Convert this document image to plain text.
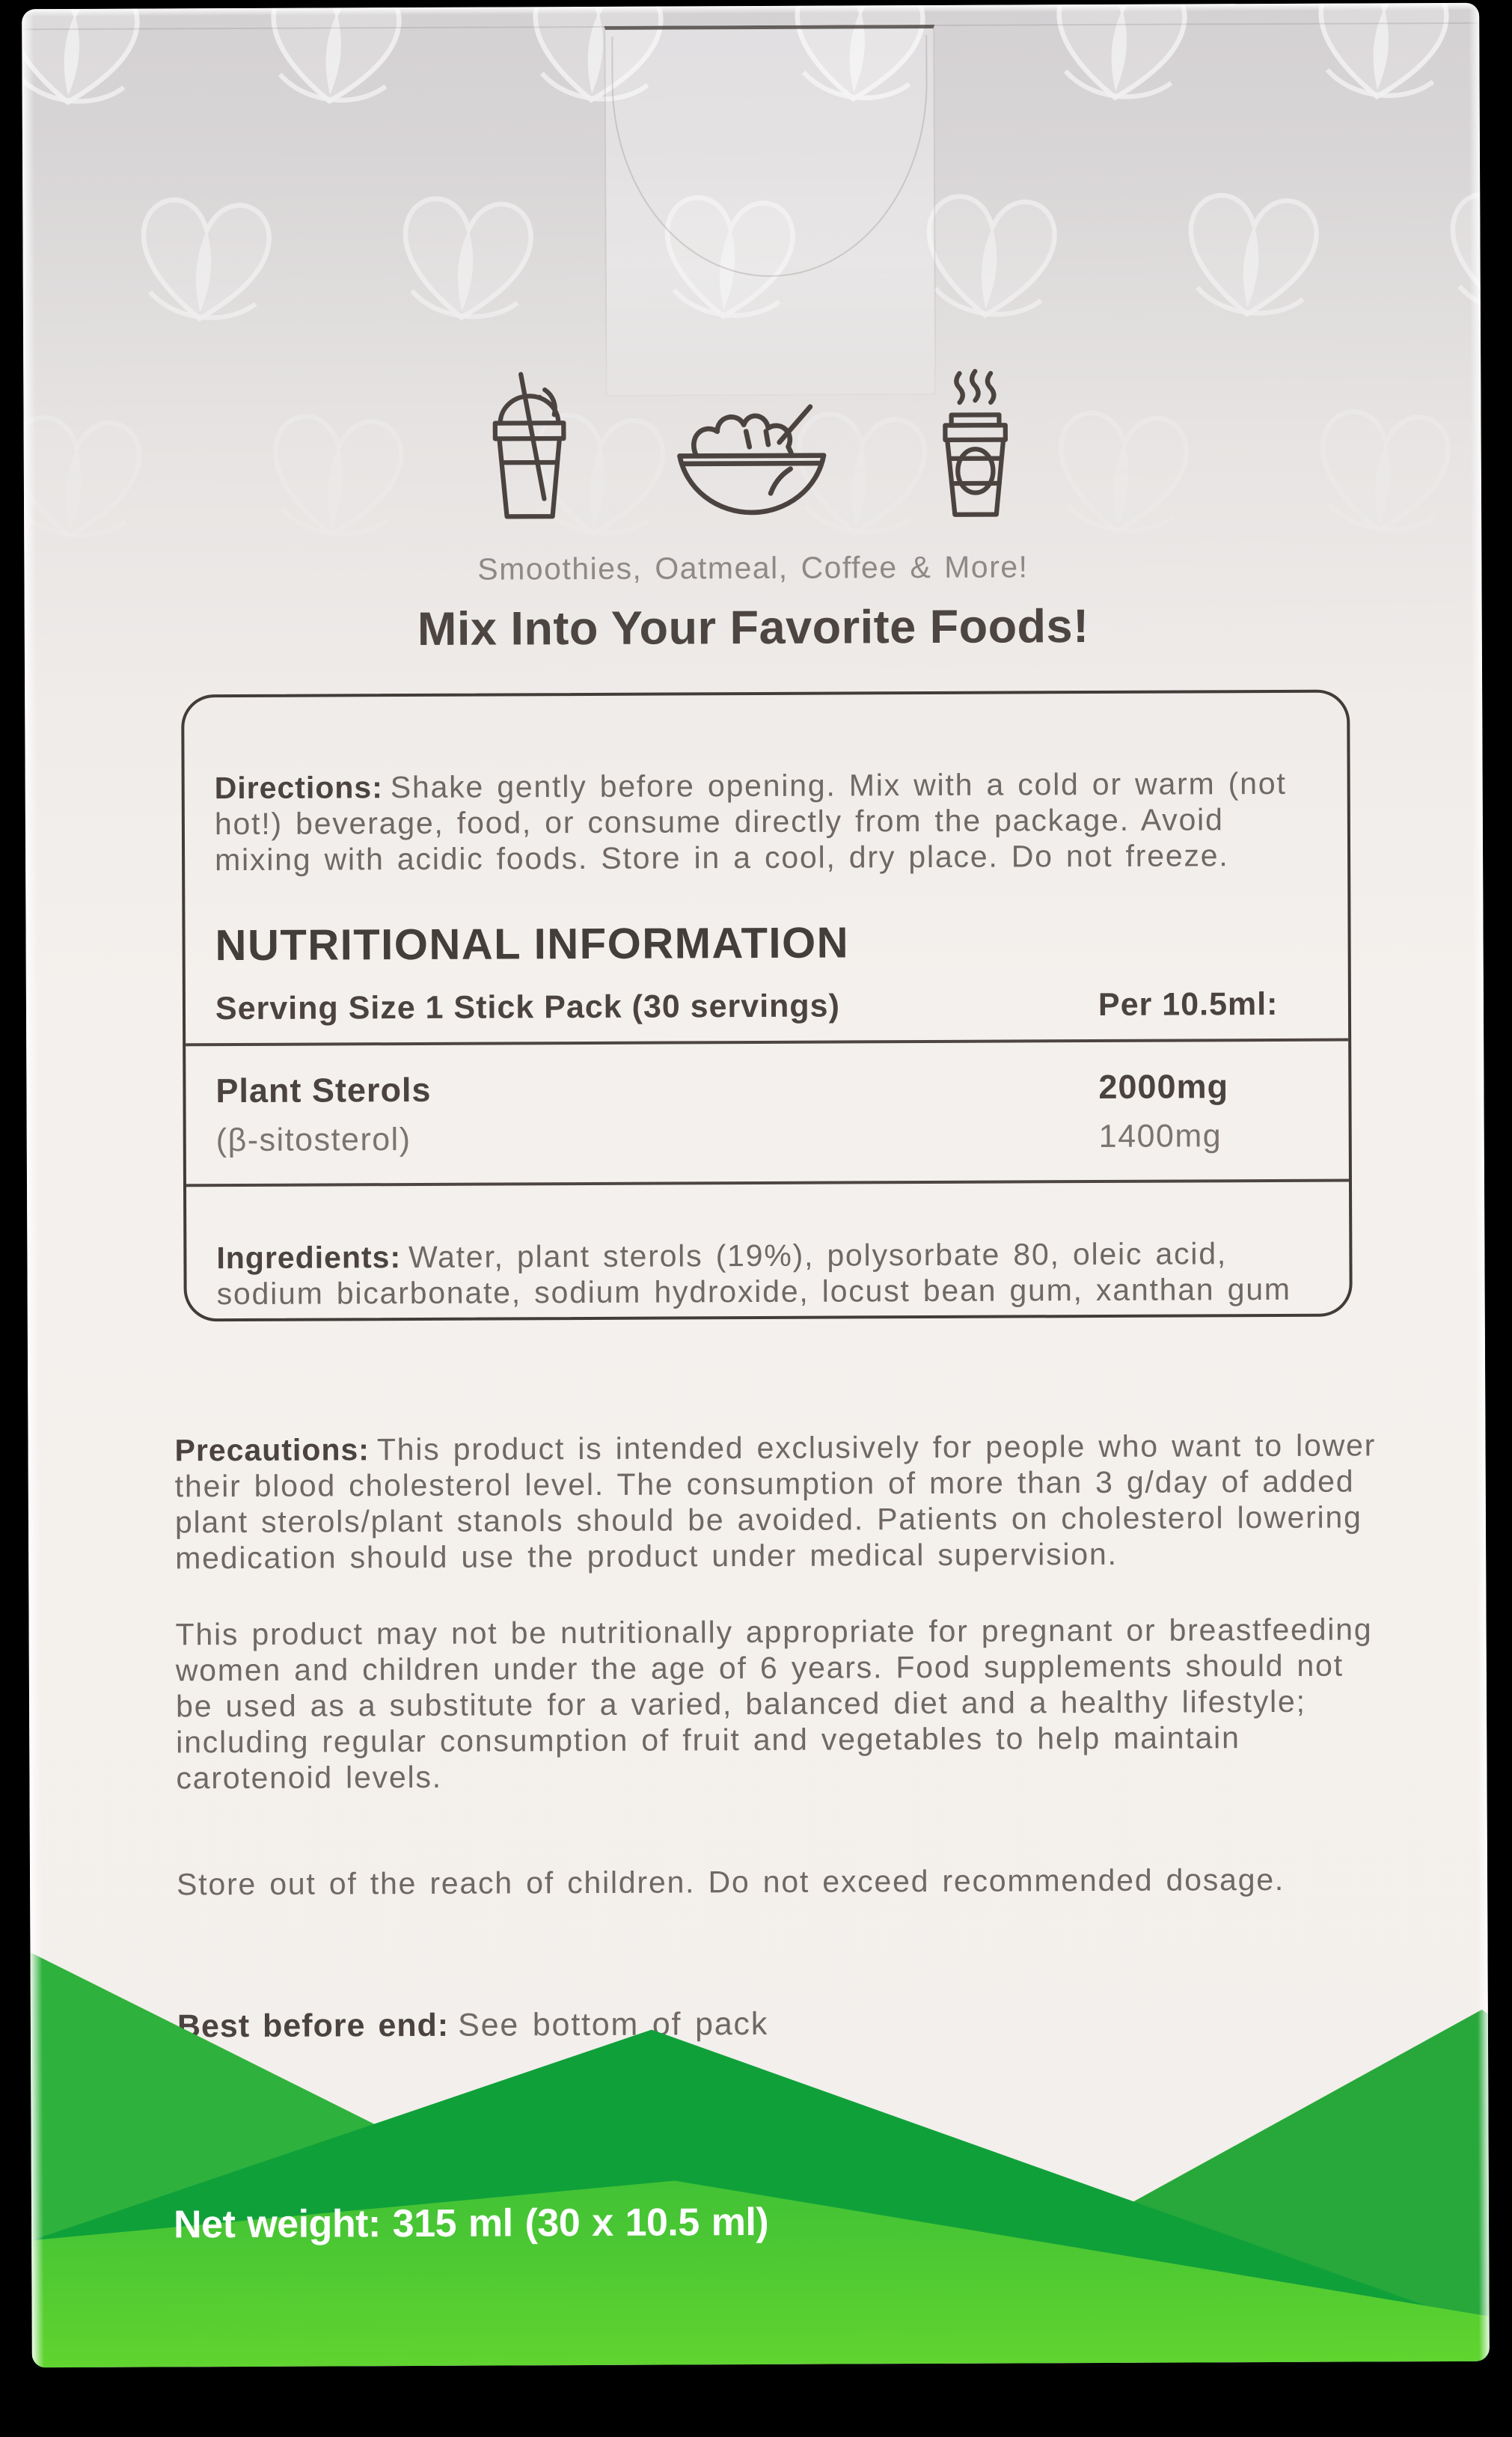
Smoothies, Oatmeal, Coffee & More!
Mix Into Your Favorite Foods!

Directions: Shake gently before opening. Mix with a cold or warm (not hot!) beverage, food, or consume directly from the package. Avoid mixing with acidic foods. Store in a cool, dry place. Do not freeze.

NUTRITIONAL INFORMATION
Serving Size 1 Stick Pack (30 servings)	Per 10.5ml:
Plant Sterols	2000mg
(β-sitosterol)	1400mg

Ingredients: Water, plant sterols (19%), polysorbate 80, oleic acid, sodium bicarbonate, sodium hydroxide, locust bean gum, xanthan gum

Precautions: This product is intended exclusively for people who want to lower their blood cholesterol level. The consumption of more than 3 g/day of added plant sterols/plant stanols should be avoided. Patients on cholesterol lowering medication should use the product under medical supervision.

This product may not be nutritionally appropriate for pregnant or breastfeeding women and children under the age of 6 years. Food supplements should not be used as a substitute for a varied, balanced diet and a healthy lifestyle; including regular consumption of fruit and vegetables to help maintain carotenoid levels.

Store out of the reach of children. Do not exceed recommended dosage.

Best before end: See bottom of pack

Net weight: 315 ml (30 x 10.5 ml)
